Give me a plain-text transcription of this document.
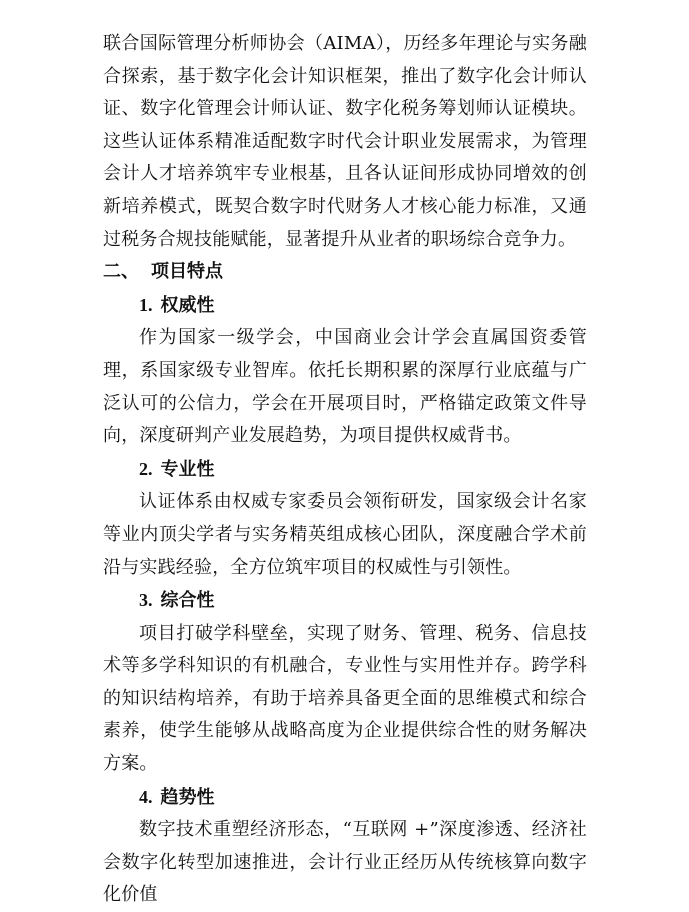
联合国际管理分析师协会（AIMA），历经多年理论与实务融合探索，基于数字化会计知识框架，推出了数字化会计师认证、数字化管理会计师认证、数字化税务筹划师认证模块。这些认证体系精准适配数字时代会计职业发展需求，为管理会计人才培养筑牢专业根基，且各认证间形成协同增效的创新培养模式，既契合数字时代财务人才核心能力标准，又通过税务合规技能赋能，显著提升从业者的职场综合竞争力。

二、 项目特点

1. 权威性

作为国家一级学会，中国商业会计学会直属国资委管理，系国家级专业智库。依托长期积累的深厚行业底蕴与广泛认可的公信力，学会在开展项目时，严格锚定政策文件导向，深度研判产业发展趋势，为项目提供权威背书。

2. 专业性

认证体系由权威专家委员会领衔研发，国家级会计名家等业内顶尖学者与实务精英组成核心团队，深度融合学术前沿与实践经验，全方位筑牢项目的权威性与引领性。

3. 综合性

项目打破学科壁垒，实现了财务、管理、税务、信息技术等多学科知识的有机融合，专业性与实用性并存。跨学科的知识结构培养，有助于培养具备更全面的思维模式和综合素养，使学生能够从战略高度为企业提供综合性的财务解决方案。

4. 趋势性

数字技术重塑经济形态，“互联网 +”深度渗透、经济社会数字化转型加速推进，会计行业正经历从传统核算向数字化价值
